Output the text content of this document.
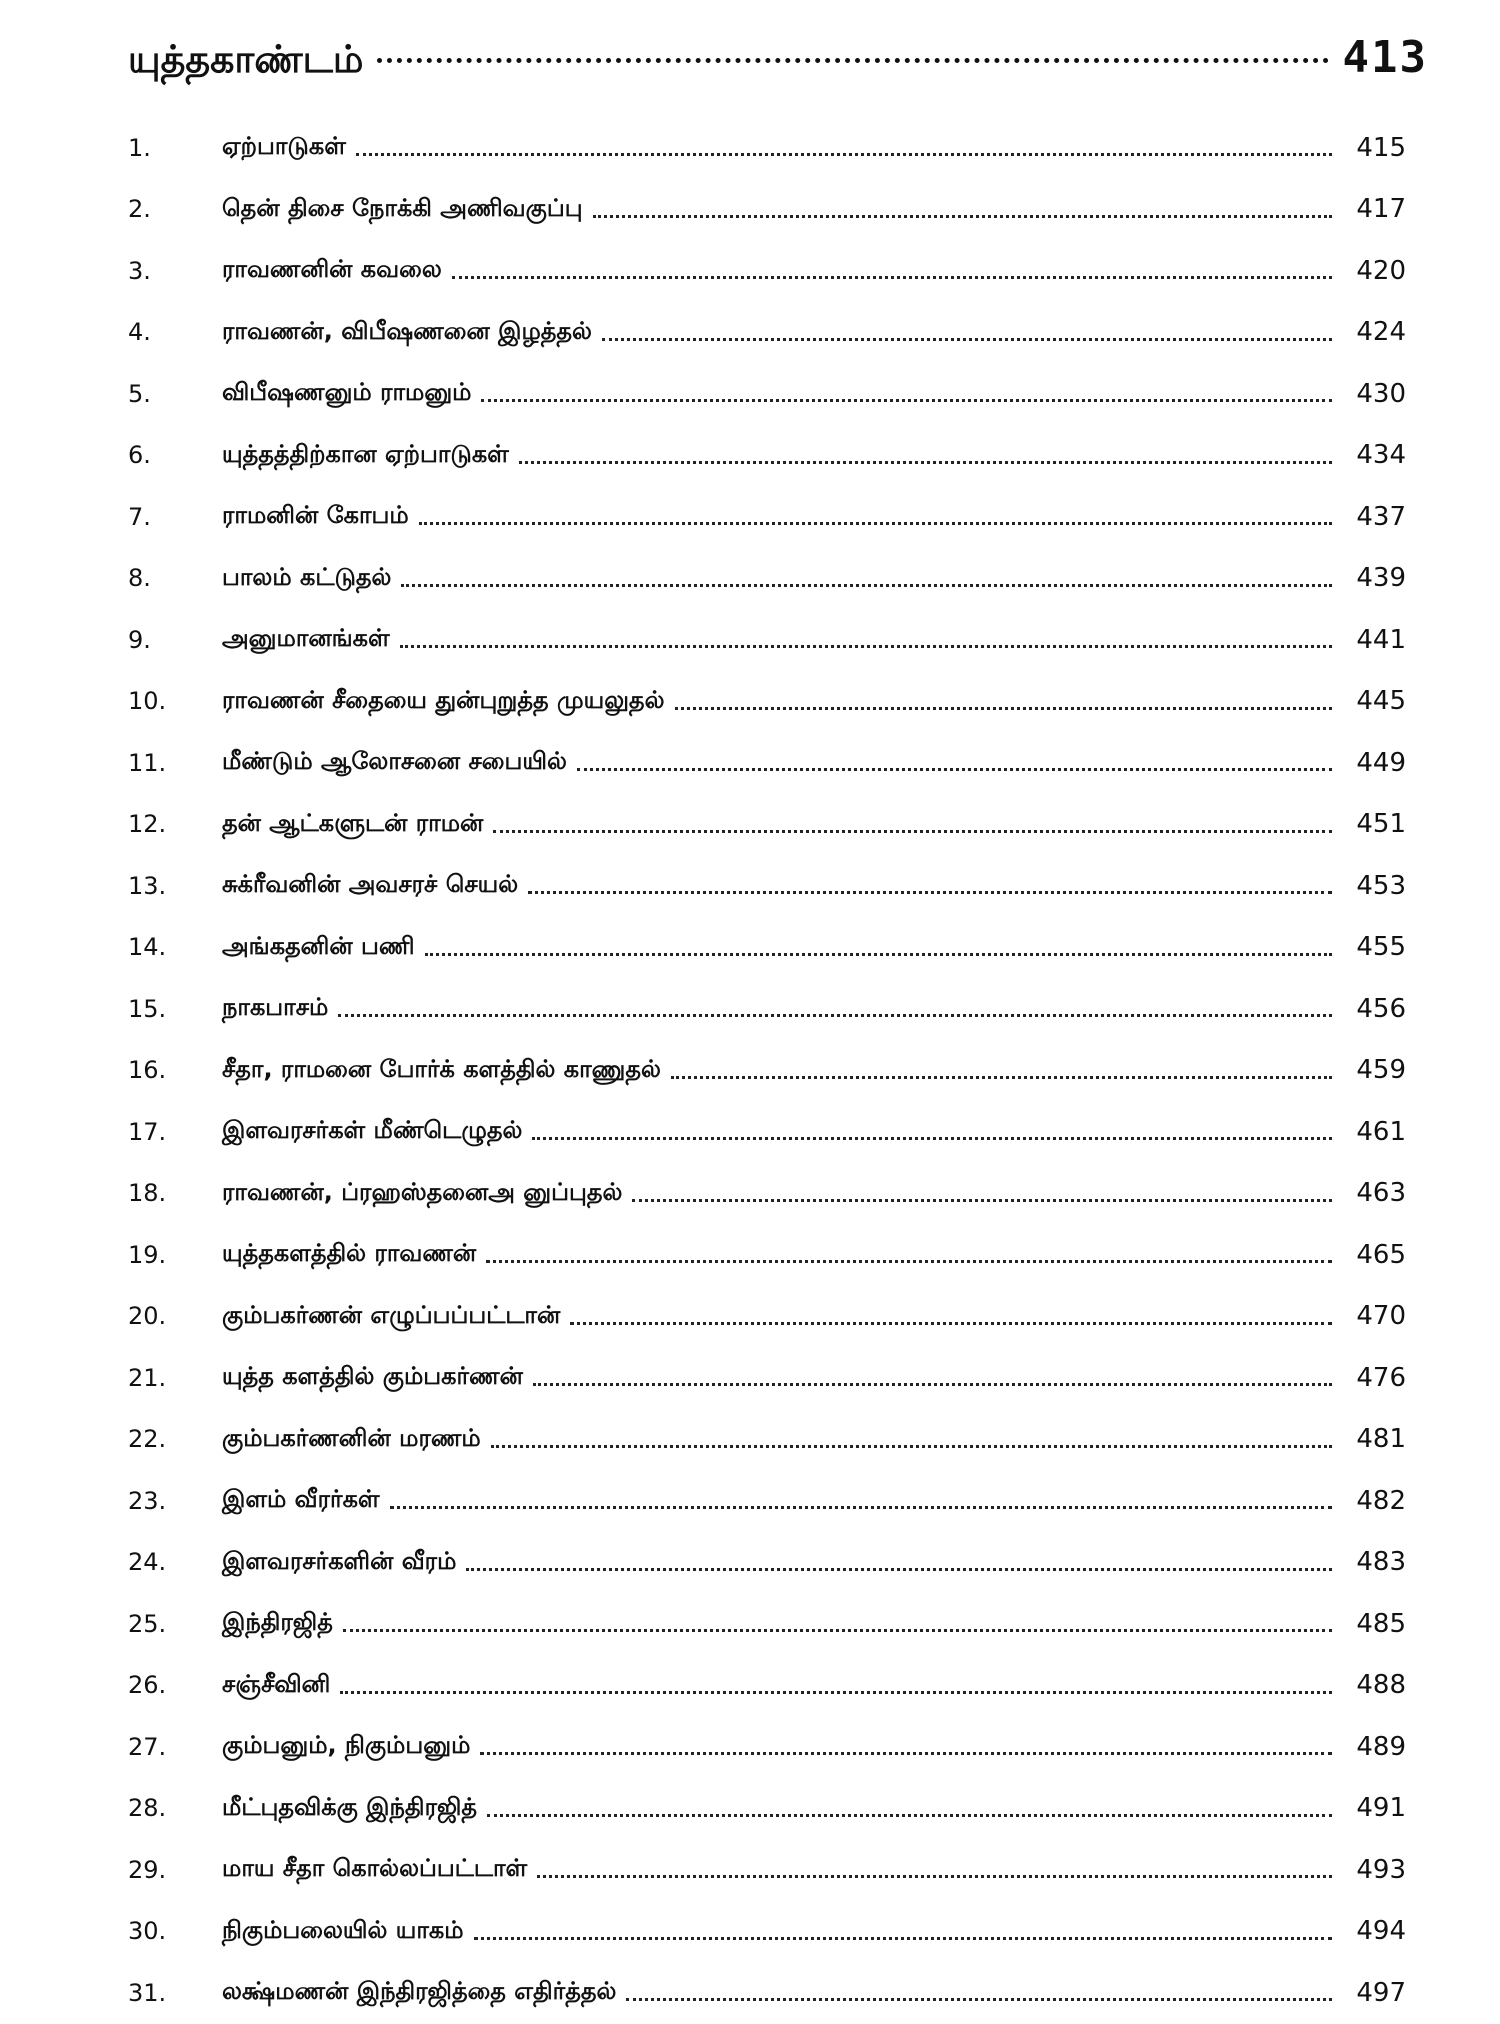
யுத்தகாண்டம்	413
1.	ஏற்பாடுகள்	415
2.	தென் திசை நோக்கி அணிவகுப்பு	417
3.	ராவணனின் கவலை	420
4.	ராவணன், விபீஷணனை இழத்தல்	424
5.	விபீஷணனும் ராமனும்	430
6.	யுத்தத்திற்கான ஏற்பாடுகள்	434
7.	ராமனின் கோபம்	437
8.	பாலம் கட்டுதல்	439
9.	அனுமானங்கள்	441
10.	ராவணன் சீதையை துன்புறுத்த முயலுதல்	445
11.	மீண்டும் ஆலோசனை சபையில்	449
12.	தன் ஆட்களுடன் ராமன்	451
13.	சுக்ரீவனின் அவசரச் செயல்	453
14.	அங்கதனின் பணி	455
15.	நாகபாசம்	456
16.	சீதா, ராமனை போர்க் களத்தில் காணுதல்	459
17.	இளவரசர்கள் மீண்டெழுதல்	461
18.	ராவணன், ப்ரஹஸ்தனைஅ னுப்புதல்	463
19.	யுத்தகளத்தில் ராவணன்	465
20.	கும்பகர்ணன் எழுப்பப்பட்டான்	470
21.	யுத்த களத்தில் கும்பகர்ணன்	476
22.	கும்பகர்ணனின் மரணம்	481
23.	இளம் வீரர்கள்	482
24.	இளவரசர்களின் வீரம்	483
25.	இந்திரஜித்	485
26.	சஞ்சீவினி	488
27.	கும்பனும், நிகும்பனும்	489
28.	மீட்புதவிக்கு இந்திரஜித்	491
29.	மாய சீதா கொல்லப்பட்டாள்	493
30.	நிகும்பலையில் யாகம்	494
31.	லக்ஷ்மணன் இந்திரஜித்தை எதிர்த்தல்	497
